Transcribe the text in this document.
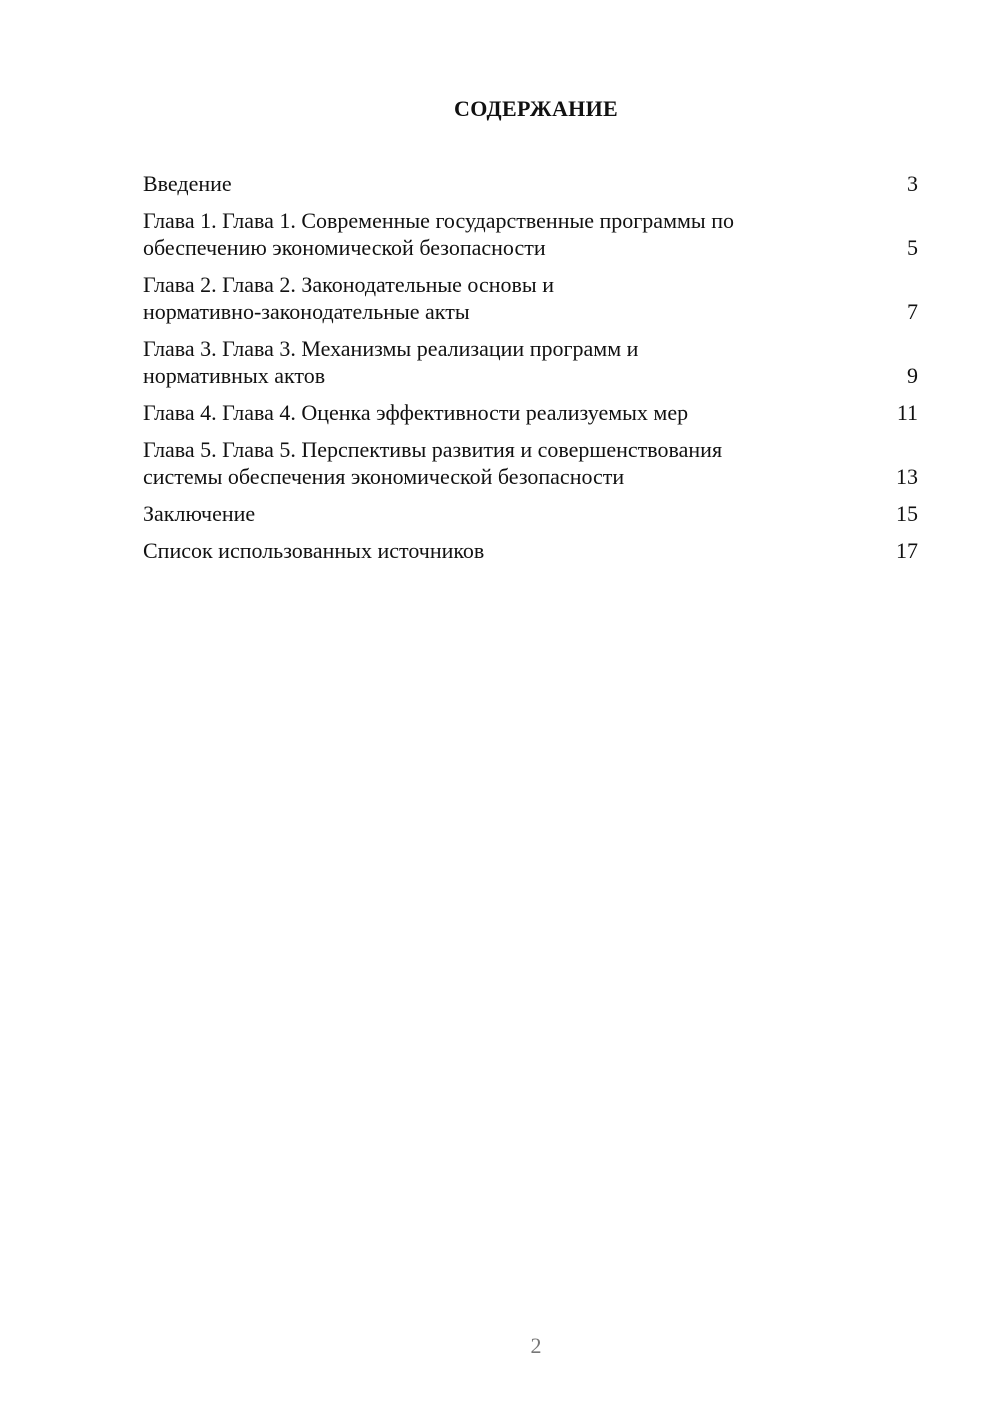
СОДЕРЖАНИЕ
Введение	3
Глава 1. Глава 1. Современные государственные программы по
обеспечению экономической безопасности	5
Глава 2. Глава 2. Законодательные основы и
нормативно-законодательные акты	7
Глава 3. Глава 3. Механизмы реализации программ и
нормативных актов	9
Глава 4. Глава 4. Оценка эффективности реализуемых мер	11
Глава 5. Глава 5. Перспективы развития и совершенствования
системы обеспечения экономической безопасности	13
Заключение	15
Список использованных источников	17
2
